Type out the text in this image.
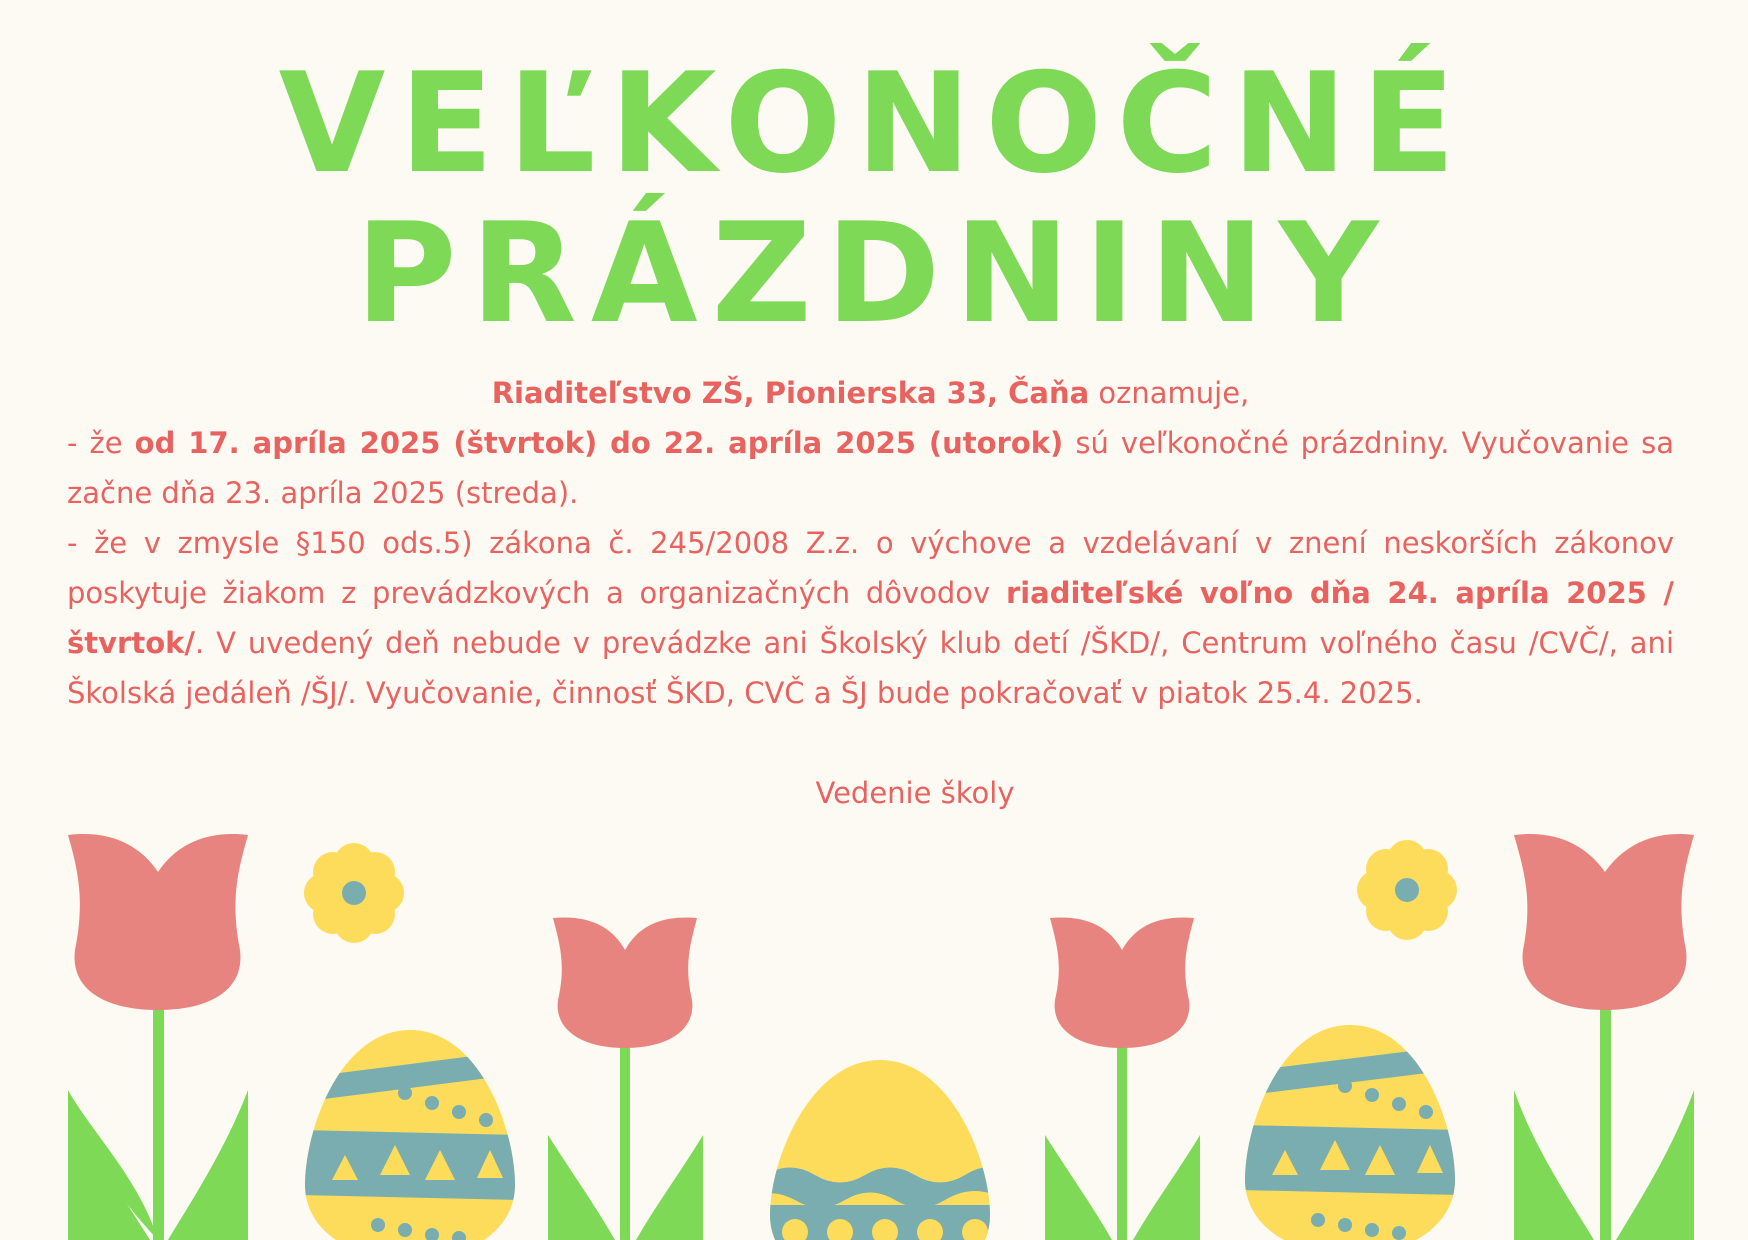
VEĽKONOČNÉ
PRÁZDNINY
Riaditeľstvo ZŠ, Pionierska 33, Čaňa oznamuje,
- že od 17. apríla 2025 (štvrtok) do 22. apríla 2025 (utorok) sú veľkonočné prázdniny. Vyučovanie sa začne dňa 23. apríla 2025 (streda).
- že v zmysle §150 ods.5) zákona č. 245/2008 Z.z. o výchove a vzdelávaní v znení neskorších zákonov poskytuje žiakom z prevádzkových a organizačných dôvodov riaditeľské voľno dňa 24. apríla 2025 /štvrtok/. V uvedený deň nebude v prevádzke ani Školský klub detí /ŠKD/, Centrum voľného času /CVČ/, ani Školská jedáleň /ŠJ/. Vyučovanie, činnosť ŠKD, CVČ a ŠJ bude pokračovať v piatok 25.4. 2025.
Vedenie školy
